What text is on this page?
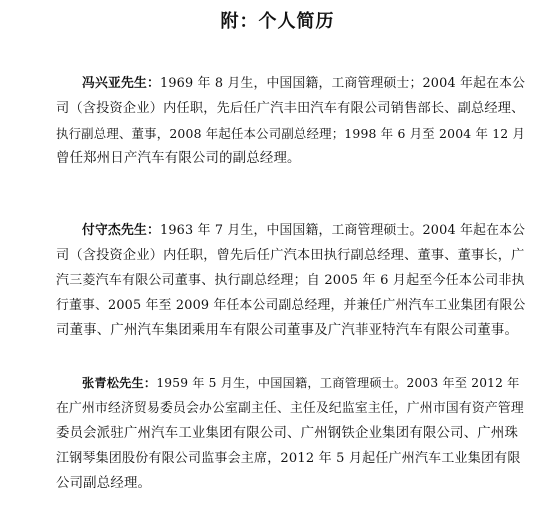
附：个人简历
冯兴亚先生：1969 年 8 月生，中国国籍，工商管理硕士；2004 年起在本公
司（含投资企业）内任职，先后任广汽丰田汽车有限公司销售部长、副总经理、
执行副总理、董事，2008 年起任本公司副总经理；1998 年 6 月至 2004 年 12 月
曾任郑州日产汽车有限公司的副总经理。
付守杰先生：1963 年 7 月生，中国国籍，工商管理硕士。2004 年起在本公
司（含投资企业）内任职，曾先后任广汽本田执行副总经理、董事、董事长，广
汽三菱汽车有限公司董事、执行副总经理；自 2005 年 6 月起至今任本公司非执
行董事、2005 年至 2009 年任本公司副总经理，并兼任广州汽车工业集团有限公
司董事、广州汽车集团乘用车有限公司董事及广汽菲亚特汽车有限公司董事。
张青松先生：1959 年 5 月生，中国国籍，工商管理硕士。2003 年至 2012 年
在广州市经济贸易委员会办公室副主任、主任及纪监室主任，广州市国有资产管理
委员会派驻广州汽车工业集团有限公司、广州钢铁企业集团有限公司、广州珠
江钢琴集团股份有限公司监事会主席，2012 年 5 月起任广州汽车工业集团有限
公司副总经理。
